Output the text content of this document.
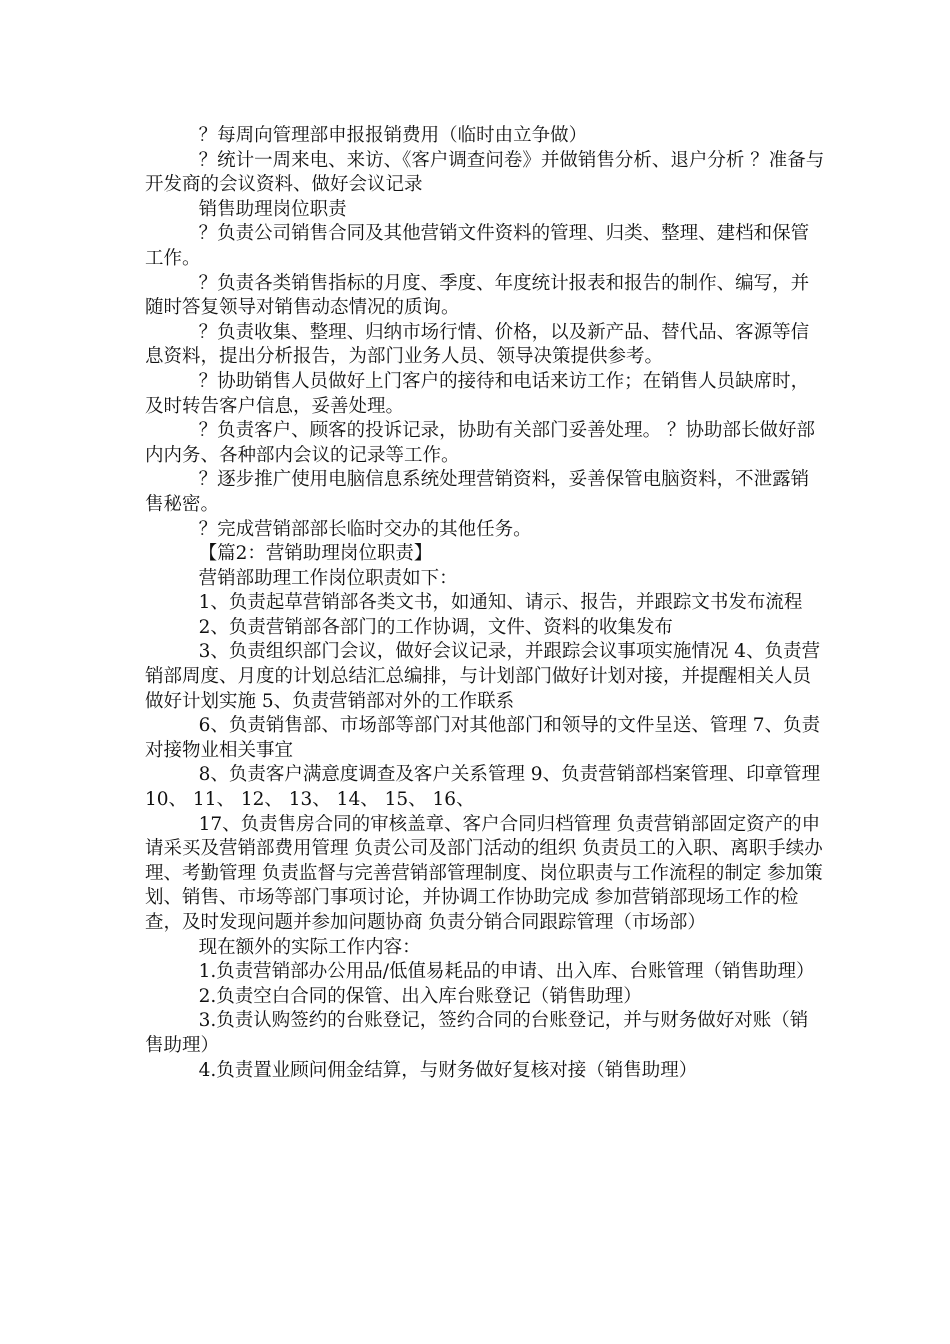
？每周向管理部申报报销费用（临时由立争做）

？统计一周来电、来访、《客户调查问卷》并做销售分析、退户分析 ？准备与开发商的会议资料、做好会议记录

销售助理岗位职责

？负责公司销售合同及其他营销文件资料的管理、归类、整理、建档和保管工作。

？负责各类销售指标的月度、季度、年度统计报表和报告的制作、编写，并随时答复领导对销售动态情况的质询。

？负责收集、整理、归纳市场行情、价格，以及新产品、替代品、客源等信息资料，提出分析报告，为部门业务人员、领导决策提供参考。

？协助销售人员做好上门客户的接待和电话来访工作；在销售人员缺席时，及时转告客户信息，妥善处理。

？负责客户、顾客的投诉记录，协助有关部门妥善处理。 ？协助部长做好部内内务、各种部内会议的记录等工作。

？逐步推广使用电脑信息系统处理营销资料，妥善保管电脑资料，不泄露销售秘密。

？完成营销部部长临时交办的其他任务。

【篇2：营销助理岗位职责】

营销部助理工作岗位职责如下：

1、负责起草营销部各类文书，如通知、请示、报告，并跟踪文书发布流程

2、负责营销部各部门的工作协调，文件、资料的收集发布

3、负责组织部门会议，做好会议记录，并跟踪会议事项实施情况 4、负责营销部周度、月度的计划总结汇总编排，与计划部门做好计划对接，并提醒相关人员 做好计划实施 5、负责营销部对外的工作联系

6、负责销售部、市场部等部门对其他部门和领导的文件呈送、管理 7、负责对接物业相关事宜

8、负责客户满意度调查及客户关系管理 9、负责营销部档案管理、印章管理 10、 11、 12、 13、 14、 15、 16、

17、负责售房合同的审核盖章、客户合同归档管理 负责营销部固定资产的申请采买及营销部费用管理 负责公司及部门活动的组织 负责员工的入职、离职手续办理、考勤管理 负责监督与完善营销部管理制度、岗位职责与工作流程的制定 参加策划、销售、市场等部门事项讨论，并协调工作协助完成 参加营销部现场工作的检查，及时发现问题并参加问题协商 负责分销合同跟踪管理（市场部）

现在额外的实际工作内容：

1.负责营销部办公用品/低值易耗品的申请、出入库、台账管理（销售助理）

2.负责空白合同的保管、出入库台账登记（销售助理）

3.负责认购签约的台账登记，签约合同的台账登记，并与财务做好对账（销售助理）

4.负责置业顾问佣金结算，与财务做好复核对接（销售助理）
